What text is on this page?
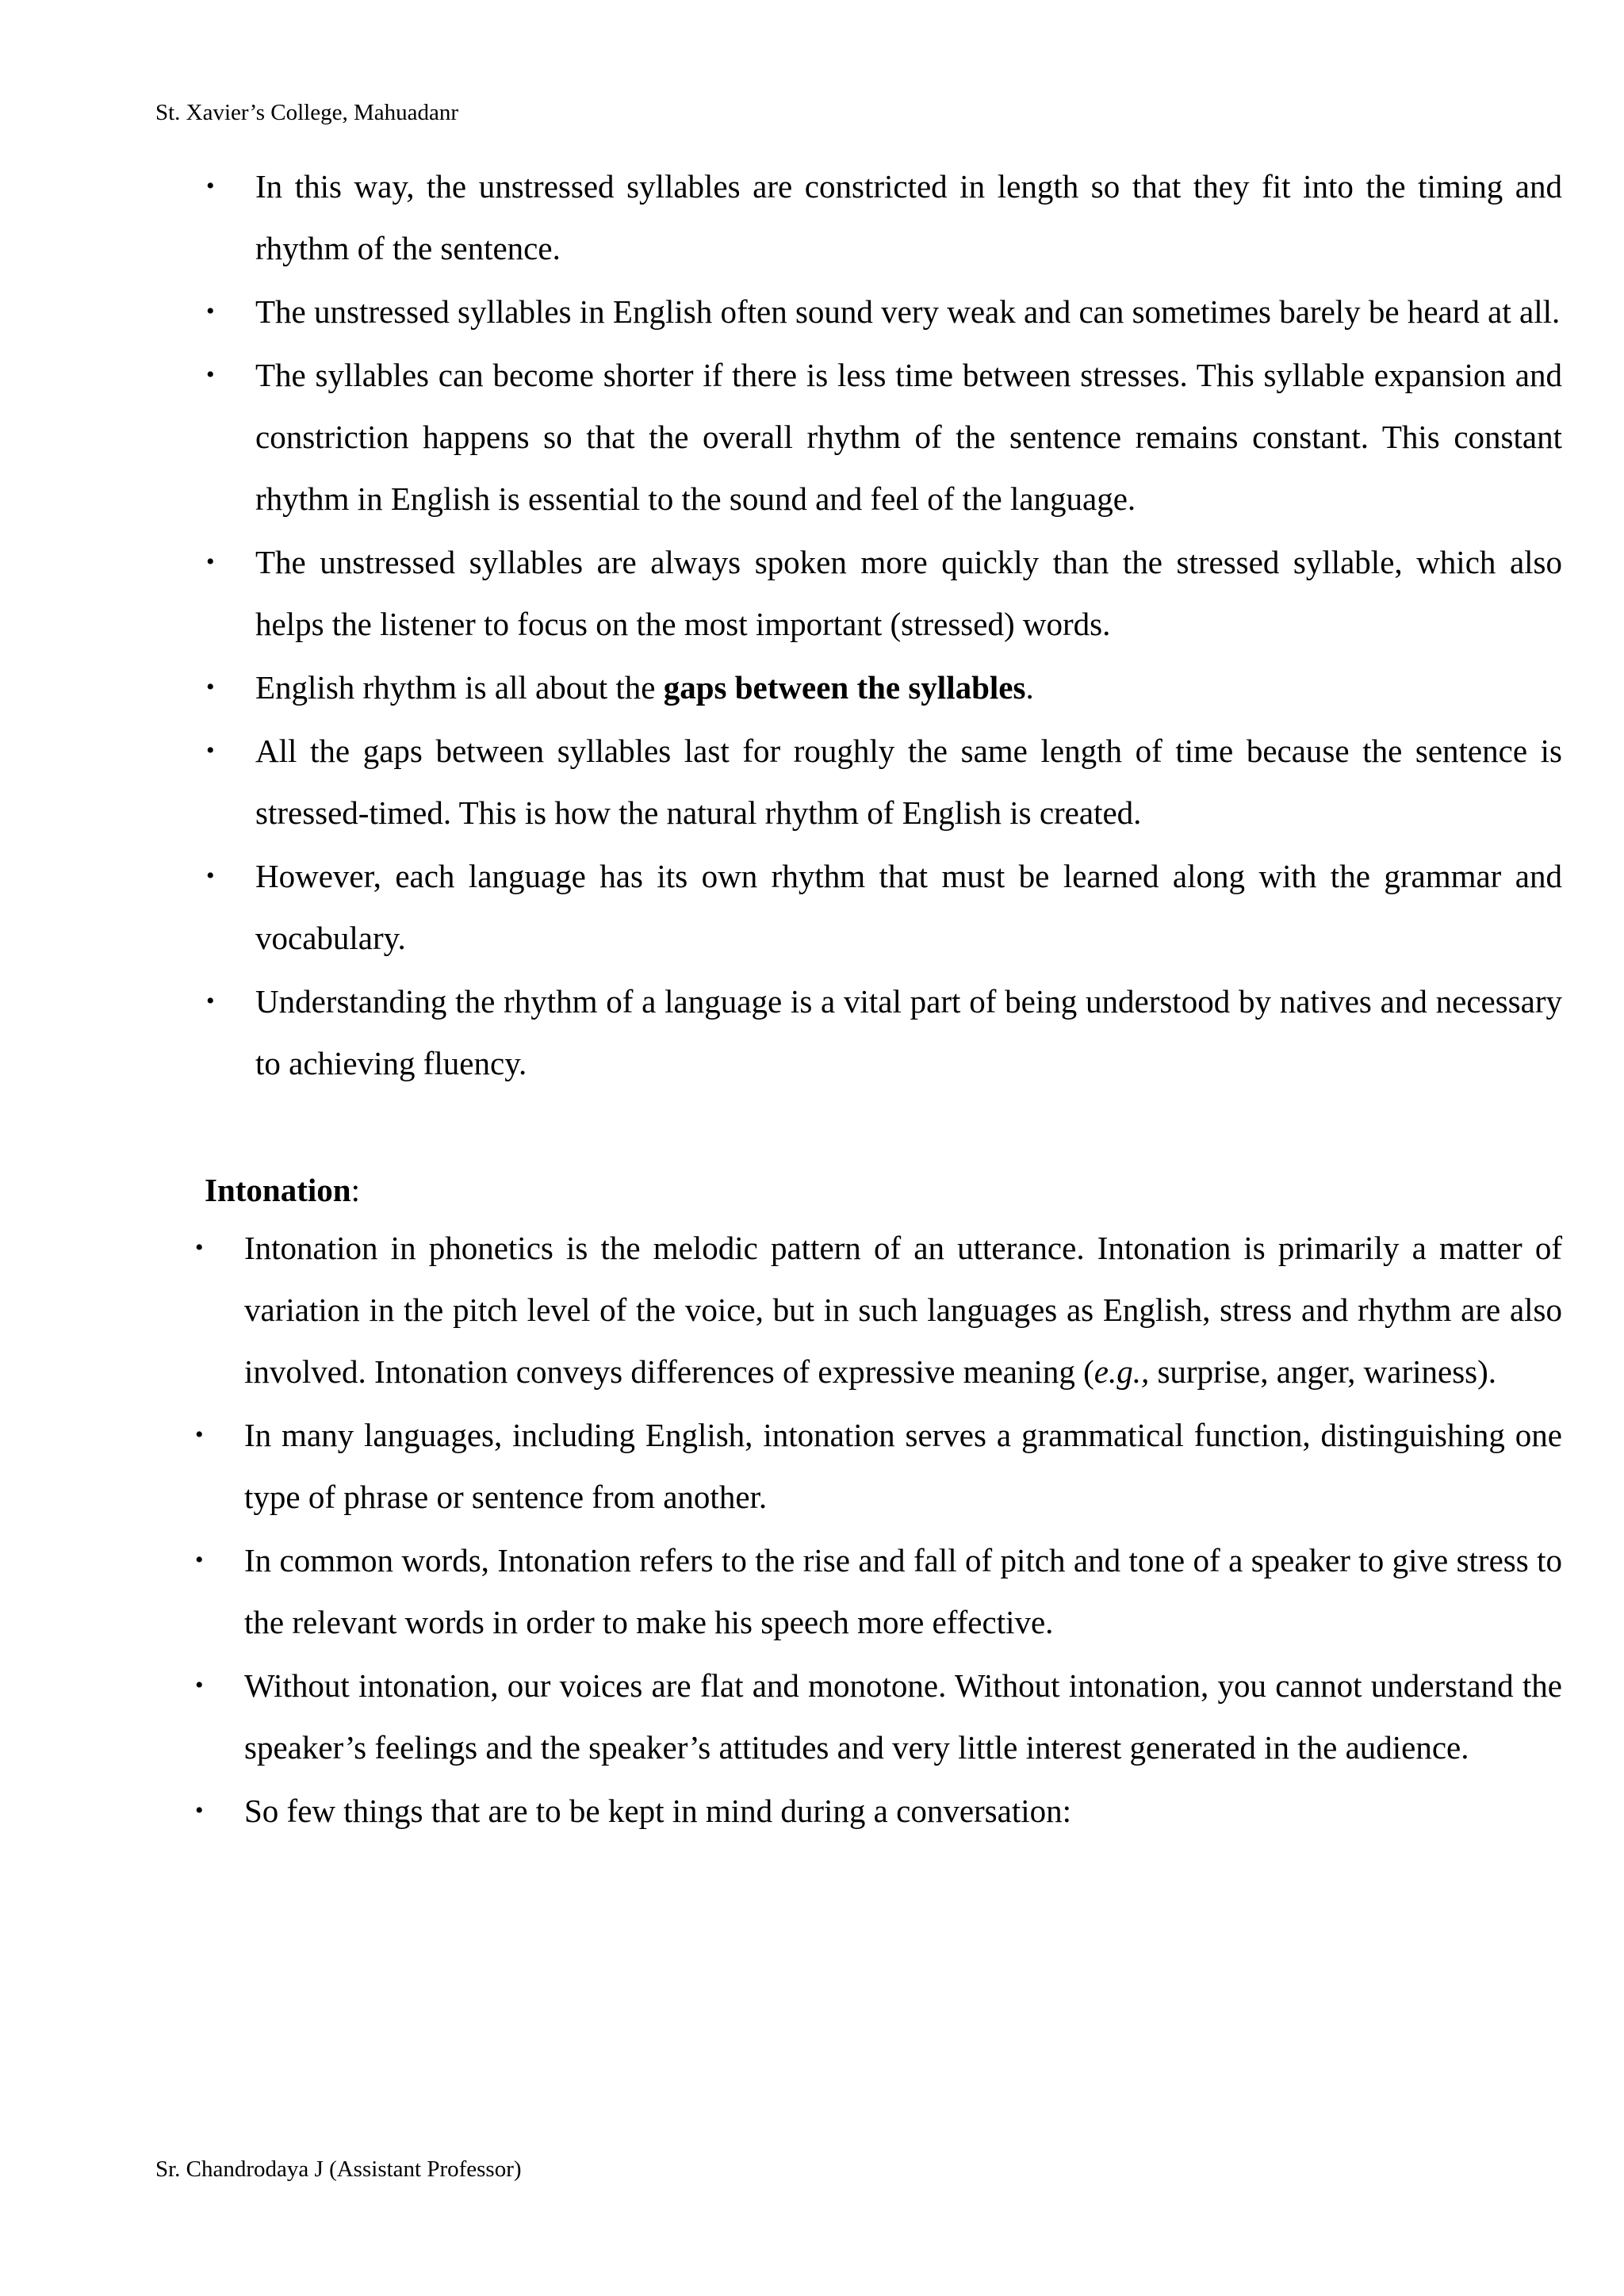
St. Xavier’s College, Mahuadanr
• In this way, the unstressed syllables are constricted in length so that they fit into the timing and rhythm of the sentence.
• The unstressed syllables in English often sound very weak and can sometimes barely be heard at all.
• The syllables can become shorter if there is less time between stresses. This syllable expansion and constriction happens so that the overall rhythm of the sentence remains constant. This constant rhythm in English is essential to the sound and feel of the language.
• The unstressed syllables are always spoken more quickly than the stressed syllable, which also helps the listener to focus on the most important (stressed) words.
• English rhythm is all about the gaps between the syllables.
• All the gaps between syllables last for roughly the same length of time because the sentence is stressed-timed. This is how the natural rhythm of English is created.
• However, each language has its own rhythm that must be learned along with the grammar and vocabulary.
• Understanding the rhythm of a language is a vital part of being understood by natives and necessary to achieving fluency.
Intonation:
• Intonation in phonetics is the melodic pattern of an utterance. Intonation is primarily a matter of variation in the pitch level of the voice, but in such languages as English, stress and rhythm are also involved. Intonation conveys differences of expressive meaning (e.g., surprise, anger, wariness).
• In many languages, including English, intonation serves a grammatical function, distinguishing one type of phrase or sentence from another.
• In common words, Intonation refers to the rise and fall of pitch and tone of a speaker to give stress to the relevant words in order to make his speech more effective.
• Without intonation, our voices are flat and monotone. Without intonation, you cannot understand the speaker’s feelings and the speaker’s attitudes and very little interest generated in the audience.
• So few things that are to be kept in mind during a conversation:
Sr. Chandrodaya J (Assistant Professor)
